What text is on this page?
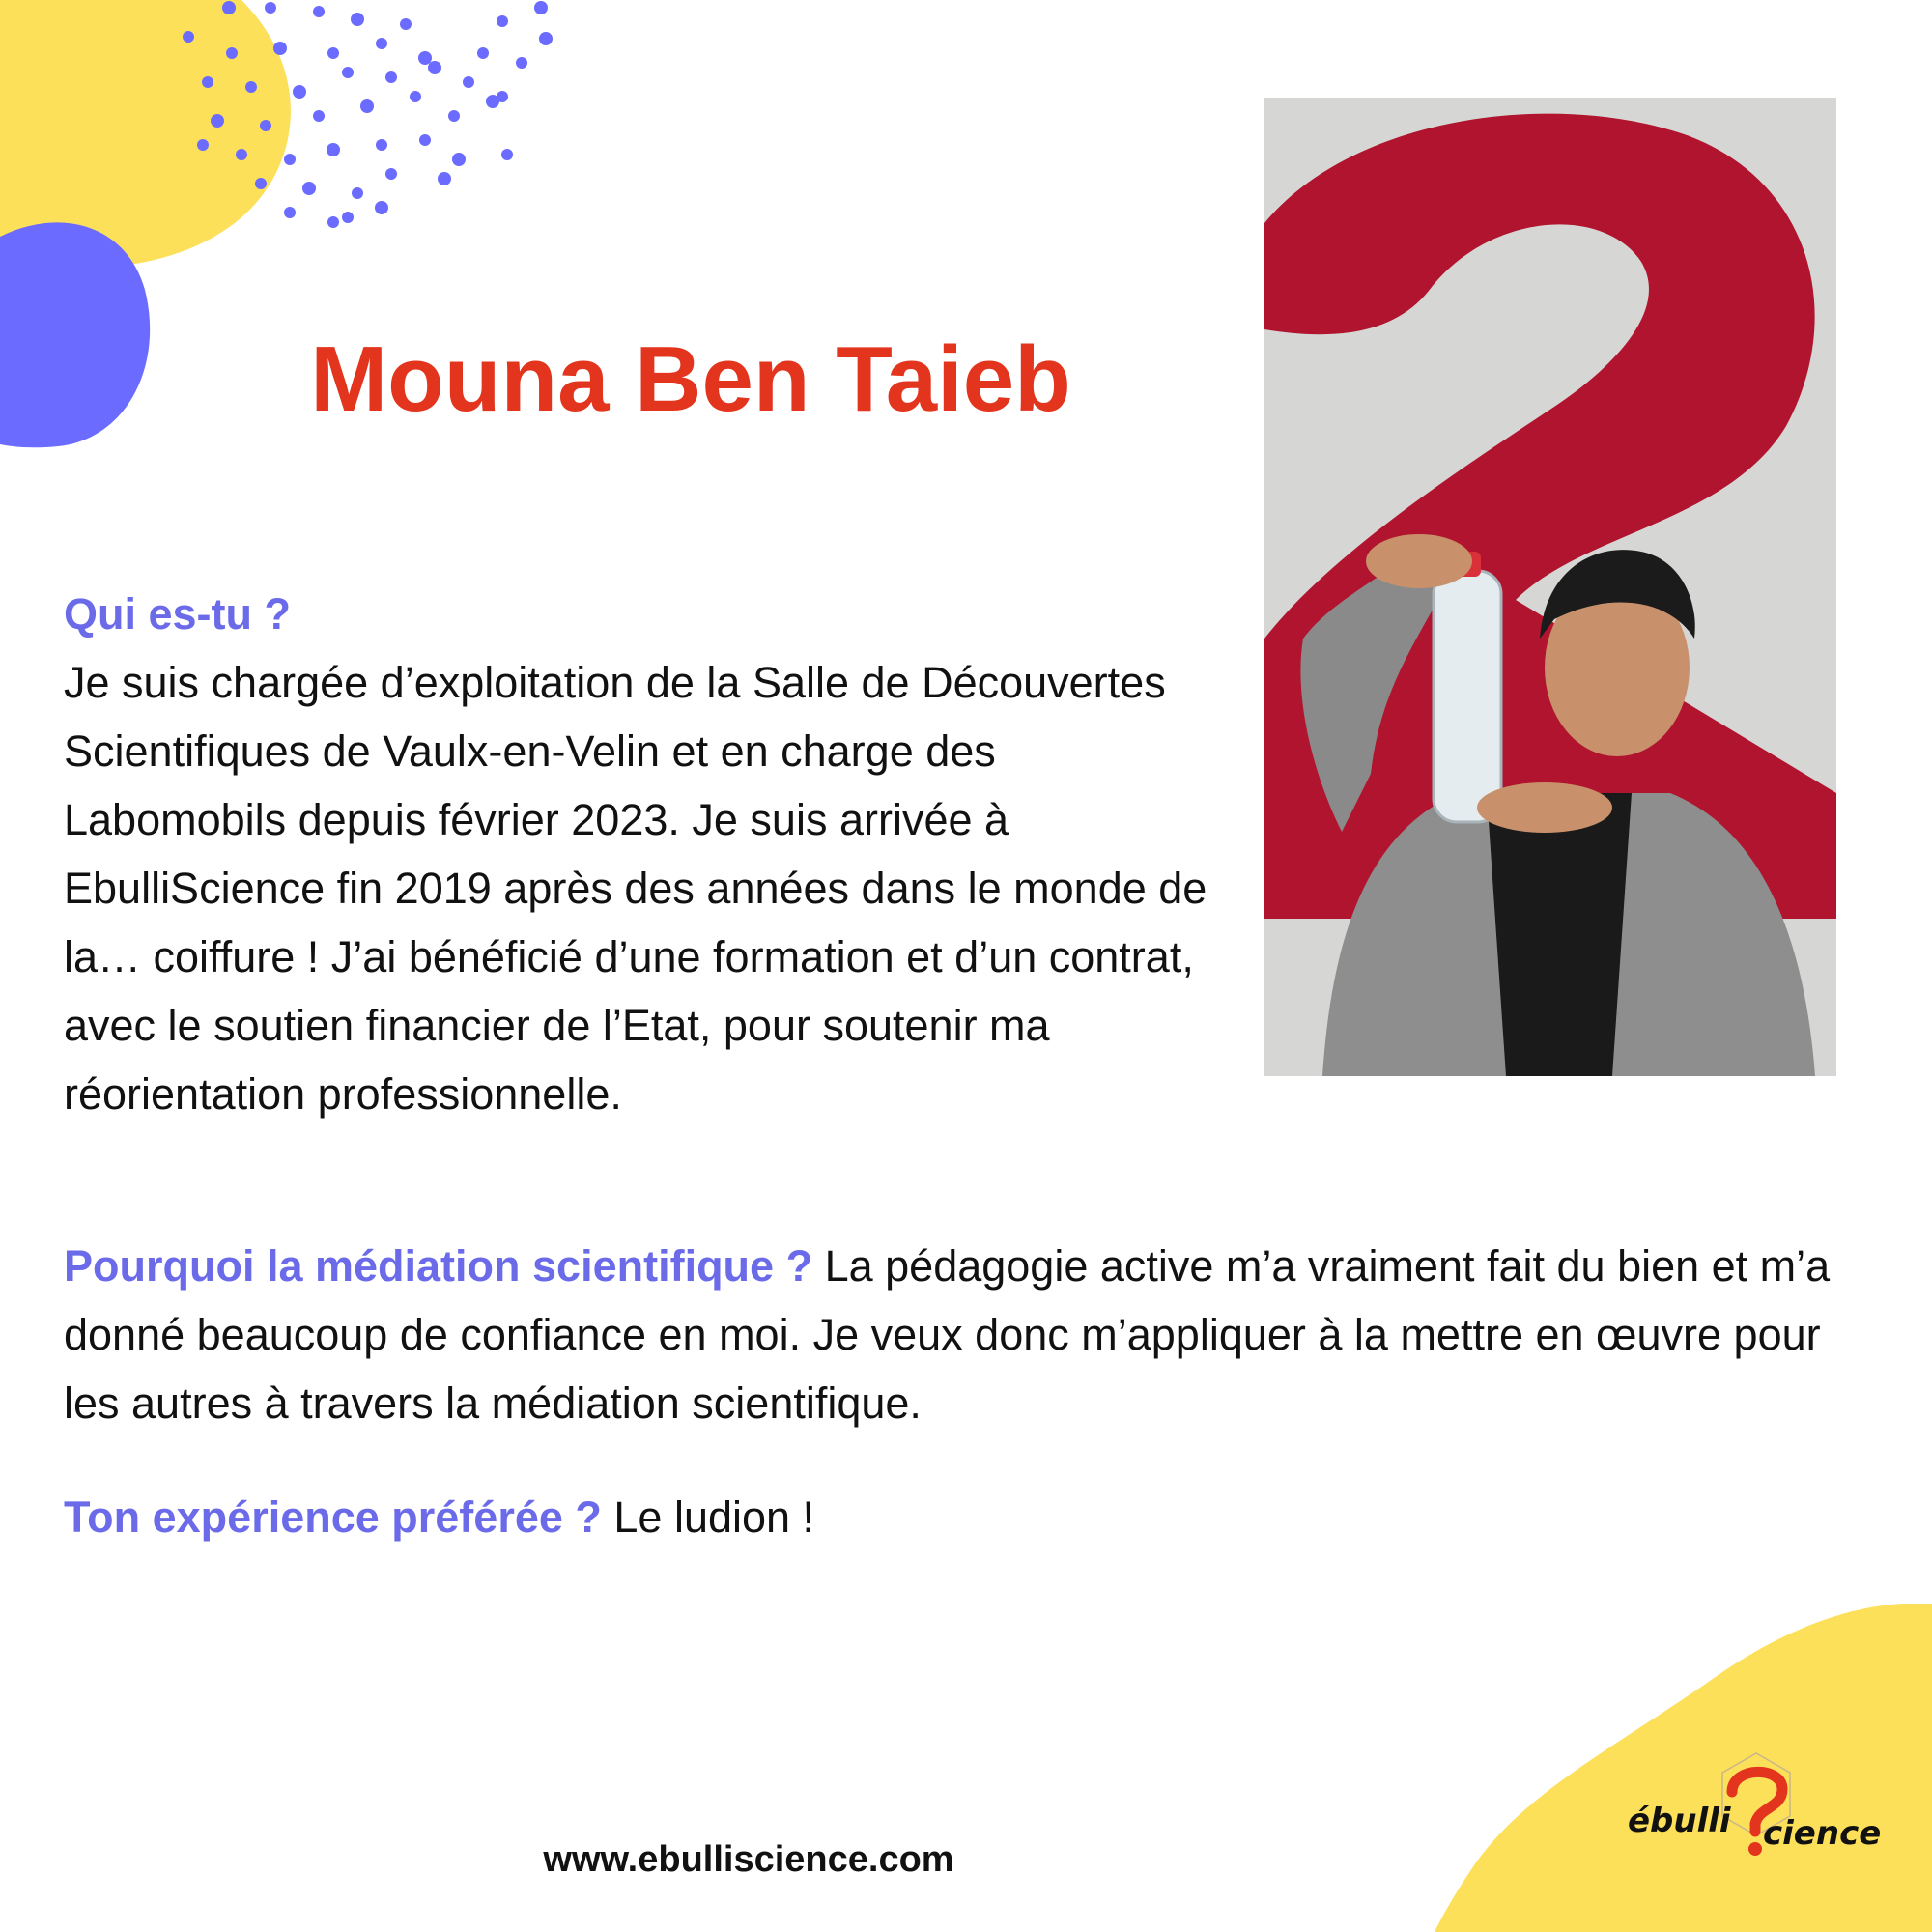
Mouna Ben Taieb

Qui es-tu ?
Je suis chargée d’exploitation de la Salle de Découvertes Scientifiques de Vaulx-en-Velin et en charge des Labomobils depuis février 2023. Je suis arrivée à EbulliScience fin 2019 après des années dans le monde de la… coiffure ! J’ai bénéficié d’une formation et d’un contrat, avec le soutien financier de l’Etat, pour soutenir ma réorientation professionnelle.

Pourquoi la médiation scientifique ? La pédagogie active m’a vraiment fait du bien et m’a donné beaucoup de confiance en moi. Je veux donc m’appliquer à la mettre en œuvre pour les autres à travers la médiation scientifique.

Ton expérience préférée ? Le ludion !

www.ebulliscience.com
ébulli cience
